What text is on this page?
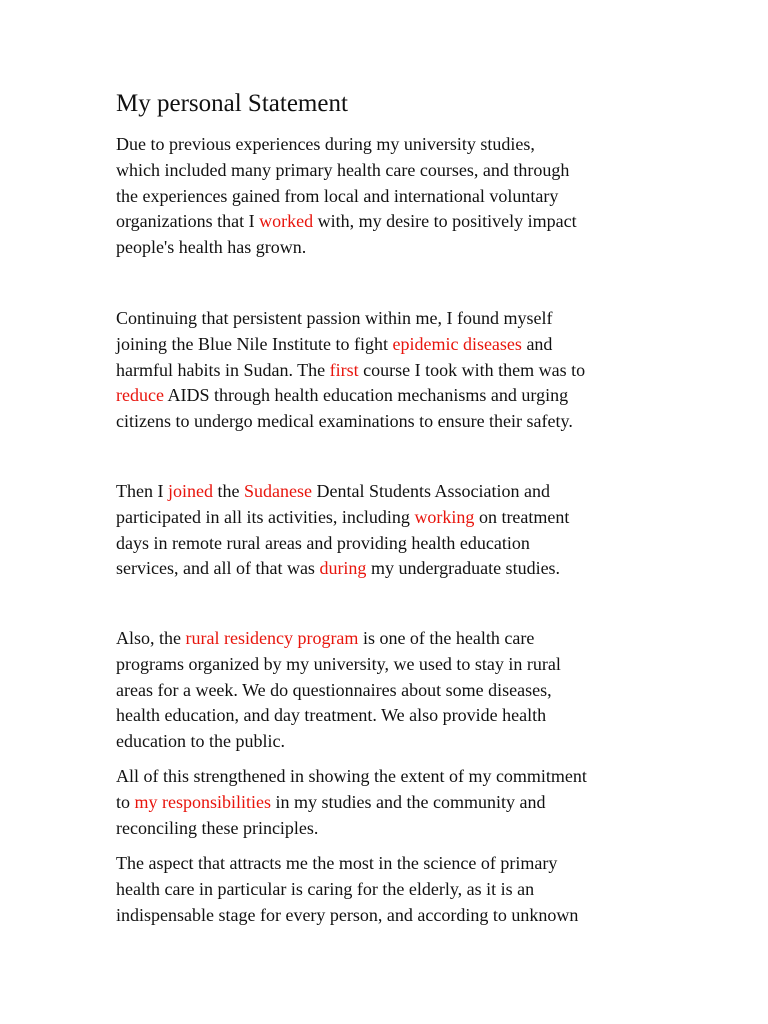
My personal Statement

Due to previous experiences during my university studies,
which included many primary health care courses, and through
the experiences gained from local and international voluntary
organizations that I worked with, my desire to positively impact
people's health has grown.

Continuing that persistent passion within me, I found myself
joining the Blue Nile Institute to fight epidemic diseases and
harmful habits in Sudan. The first course I took with them was to
reduce AIDS through health education mechanisms and urging
citizens to undergo medical examinations to ensure their safety.

Then I joined the Sudanese Dental Students Association and
participated in all its activities, including working on treatment
days in remote rural areas and providing health education
services, and all of that was during my undergraduate studies.

Also, the rural residency program is one of the health care
programs organized by my university, we used to stay in rural
areas for a week. We do questionnaires about some diseases,
health education, and day treatment. We also provide health
education to the public.

All of this strengthened in showing the extent of my commitment
to my responsibilities in my studies and the community and
reconciling these principles.

The aspect that attracts me the most in the science of primary
health care in particular is caring for the elderly, as it is an
indispensable stage for every person, and according to unknown
